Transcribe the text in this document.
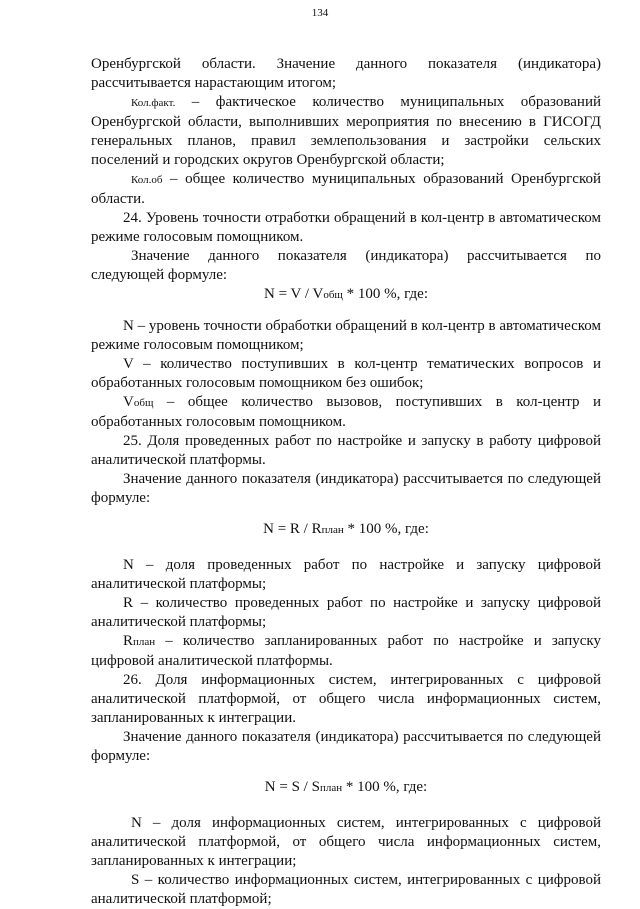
134

Оренбургской области. Значение данного показателя (индикатора) рассчитывается нарастающим итогом;

Кол.факт. – фактическое количество муниципальных образований Оренбургской области, выполнивших мероприятия по внесению в ГИСОГД генеральных планов, правил землепользования и застройки сельских поселений и городских округов Оренбургской области;

Кол.об – общее количество муниципальных образований Оренбургской области.

24. Уровень точности отработки обращений в кол-центр в автоматическом режиме голосовым помощником.

Значение данного показателя (индикатора) рассчитывается по следующей формуле:

N = V / Vобщ * 100 %, где:

N – уровень точности обработки обращений в кол-центр в автоматическом режиме голосовым помощником;

V – количество поступивших в кол-центр тематических вопросов и обработанных голосовым помощником без ошибок;

Vобщ – общее количество вызовов, поступивших в кол-центр и обработанных голосовым помощником.

25. Доля проведенных работ по настройке и запуску в работу цифровой аналитической платформы.

Значение данного показателя (индикатора) рассчитывается по следующей формуле:

N = R / Rплан * 100 %, где:

N – доля проведенных работ по настройке и запуску цифровой аналитической платформы;

R – количество проведенных работ по настройке и запуску цифровой аналитической платформы;

Rплан – количество запланированных работ по настройке и запуску цифровой аналитической платформы.

26. Доля информационных систем, интегрированных с цифровой аналитической платформой, от общего числа информационных систем, запланированных к интеграции.

Значение данного показателя (индикатора) рассчитывается по следующей формуле:

N = S / Sплан * 100 %, где:

N – доля информационных систем, интегрированных с цифровой аналитической платформой, от общего числа информационных систем, запланированных к интеграции;

S – количество информационных систем, интегрированных с цифровой аналитической платформой;
